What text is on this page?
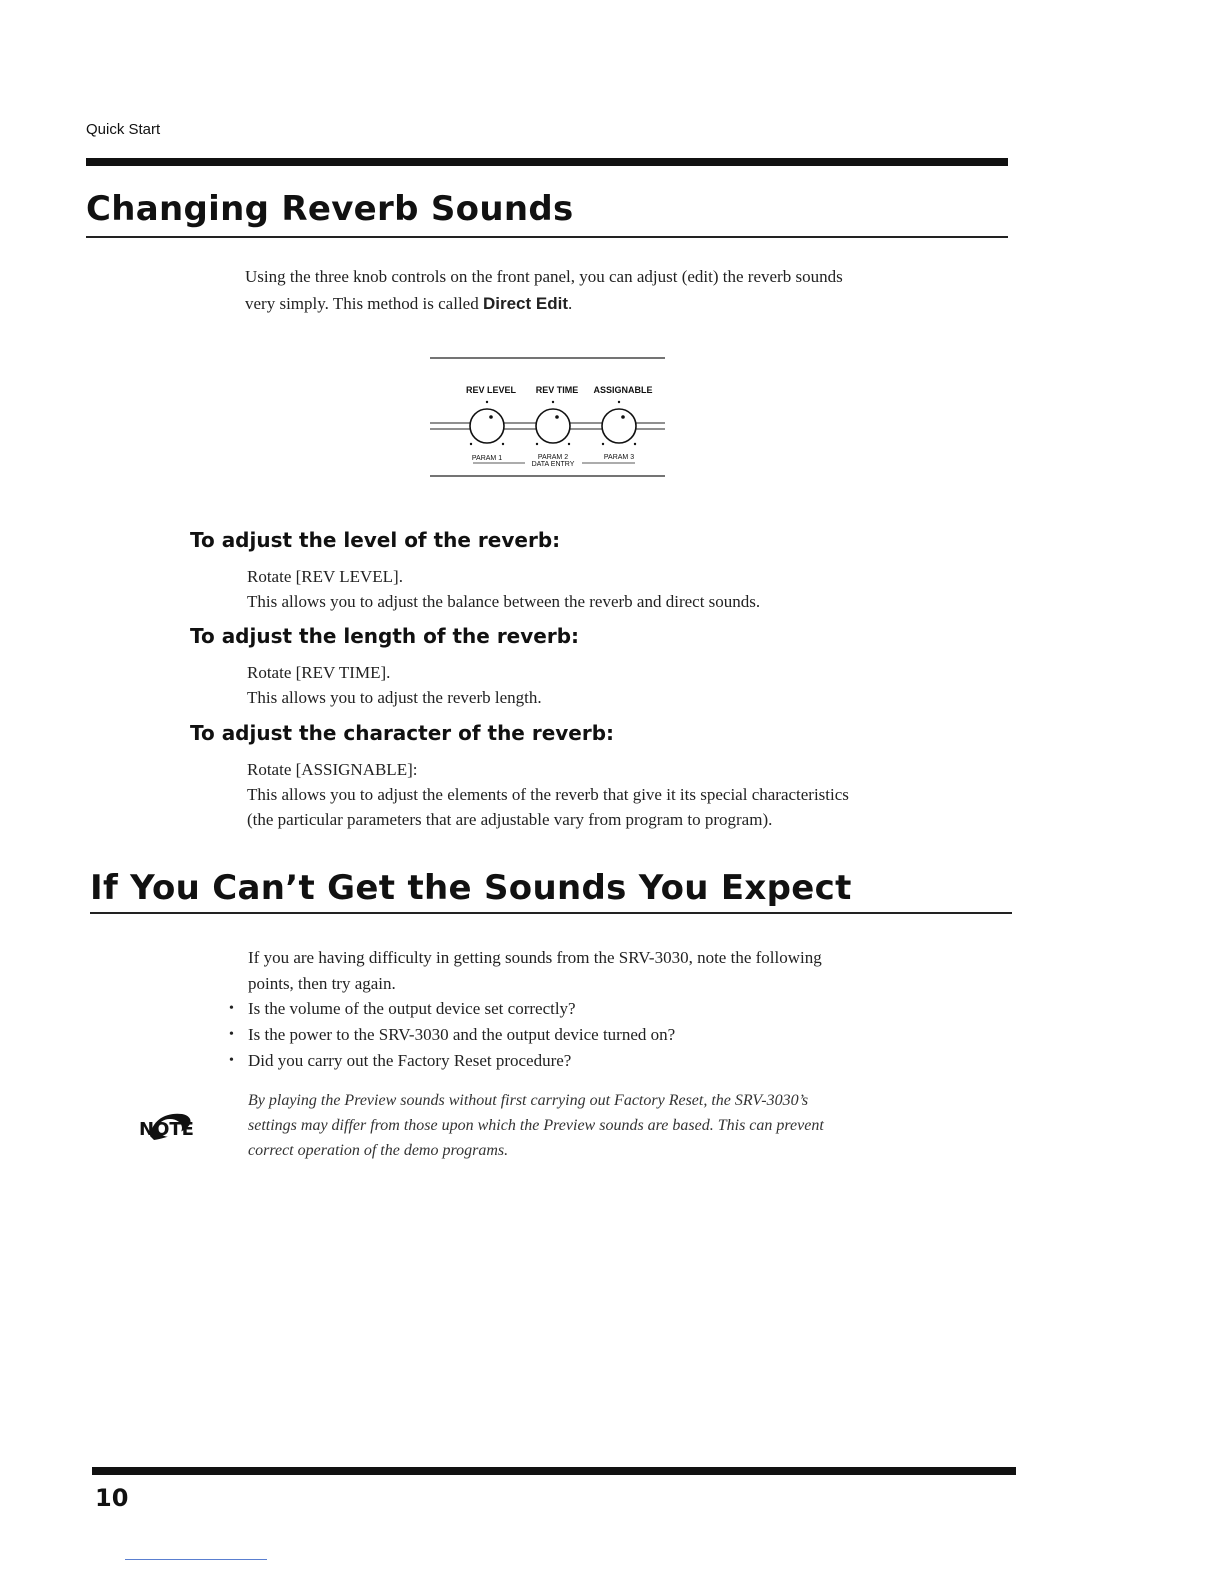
Quick Start
Changing Reverb Sounds
Using the three knob controls on the front panel, you can adjust (edit) the reverb sounds
very simply. This method is called Direct Edit.
REV LEVEL REV TIME ASSIGNABLE
PARAM 1	PARAM 2	PARAM 3
DATA ENTRY
To adjust the level of the reverb:
Rotate [REV LEVEL].
This allows you to adjust the balance between the reverb and direct sounds.
To adjust the length of the reverb:
Rotate [REV TIME].
This allows you to adjust the reverb length.
To adjust the character of the reverb:
Rotate [ASSIGNABLE]:
This allows you to adjust the elements of the reverb that give it its special characteristics
(the particular parameters that are adjustable vary from program to program).
If You Can’t Get the Sounds You Expect
If you are having difficulty in getting sounds from the SRV-3030, note the following
points, then try again.
• Is the volume of the output device set correctly?
• Is the power to the SRV-3030 and the output device turned on?
• Did you carry out the Factory Reset procedure?
NOTE
By playing the Preview sounds without first carrying out Factory Reset, the SRV-3030’s
settings may differ from those upon which the Preview sounds are based. This can prevent
correct operation of the demo programs.
10
